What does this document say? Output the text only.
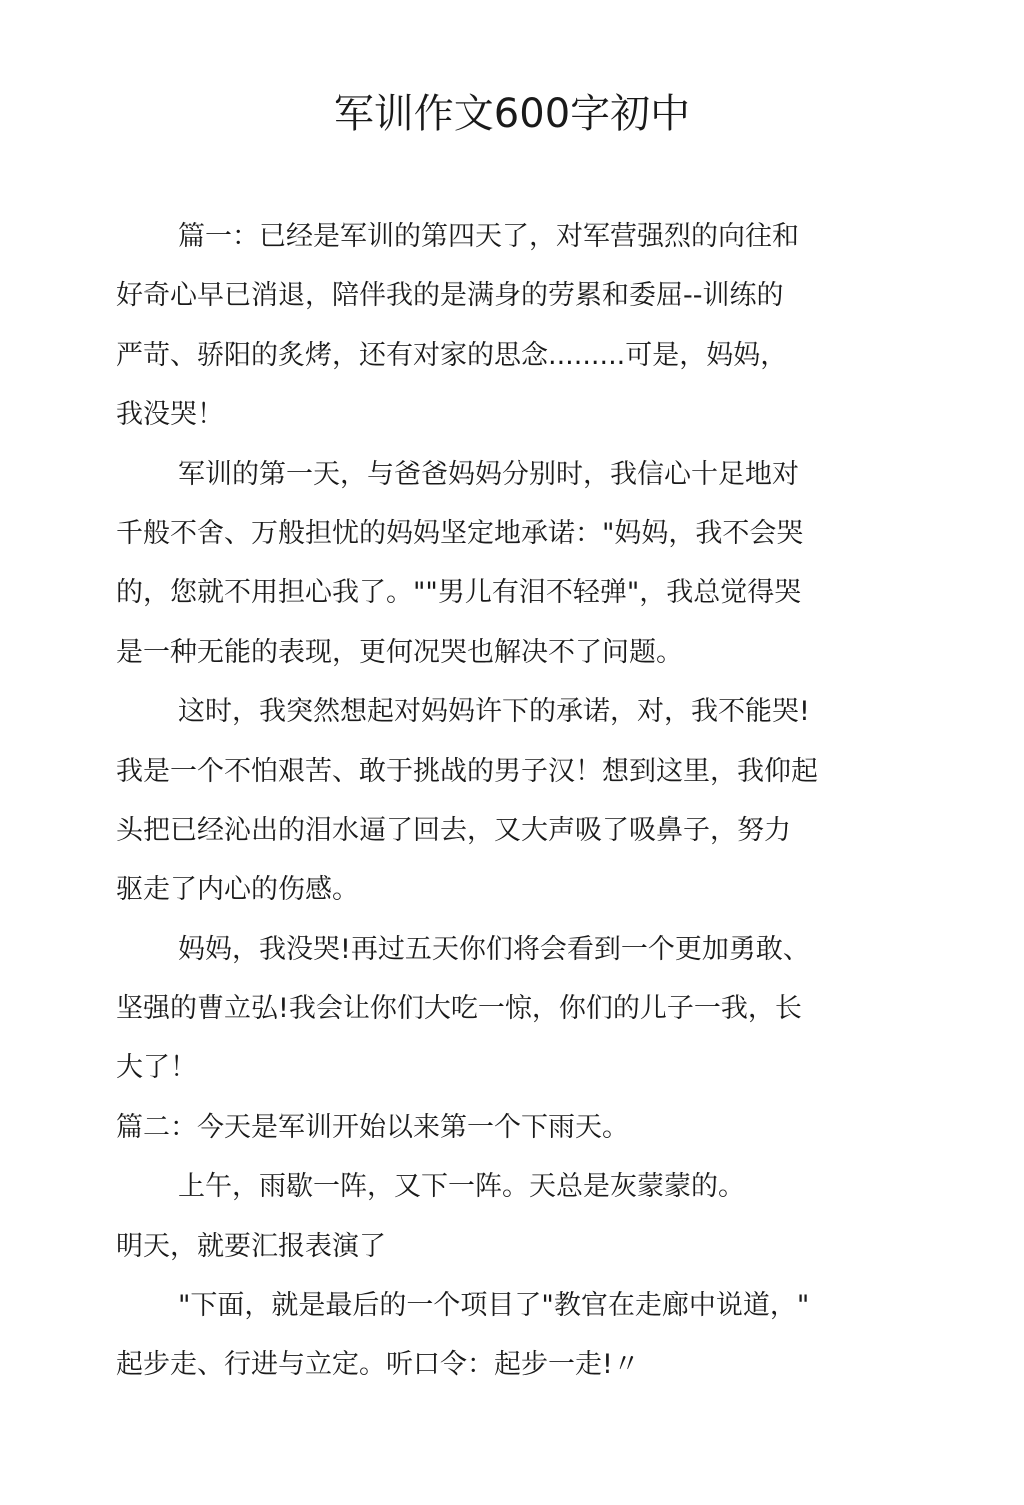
军训作文600字初中
篇一：已经是军训的第四天了，对军营强烈的向往和
好奇心早已消退，陪伴我的是满身的劳累和委屈--训练的
严苛、骄阳的炙烤，还有对家的思念.........可是，妈妈，
我没哭！
军训的第一天，与爸爸妈妈分别时，我信心十足地对
千般不舍、万般担忧的妈妈坚定地承诺："妈妈，我不会哭
的，您就不用担心我了。""男儿有泪不轻弹"，我总觉得哭
是一种无能的表现，更何况哭也解决不了问题。
这时，我突然想起对妈妈许下的承诺，对，我不能哭!
我是一个不怕艰苦、敢于挑战的男子汉！想到这里，我仰起
头把已经沁出的泪水逼了回去，又大声吸了吸鼻子，努力
驱走了内心的伤感。
妈妈，我没哭!再过五天你们将会看到一个更加勇敢、
坚强的曹立弘!我会让你们大吃一惊，你们的儿子一我，长
大了！
篇二：今天是军训开始以来第一个下雨天。
上午，雨歇一阵，又下一阵。天总是灰蒙蒙的。
明天，就要汇报表演了
"下面，就是最后的一个项目了"教官在走廊中说道，"
起步走、行进与立定。听口令：起步一走!〃
